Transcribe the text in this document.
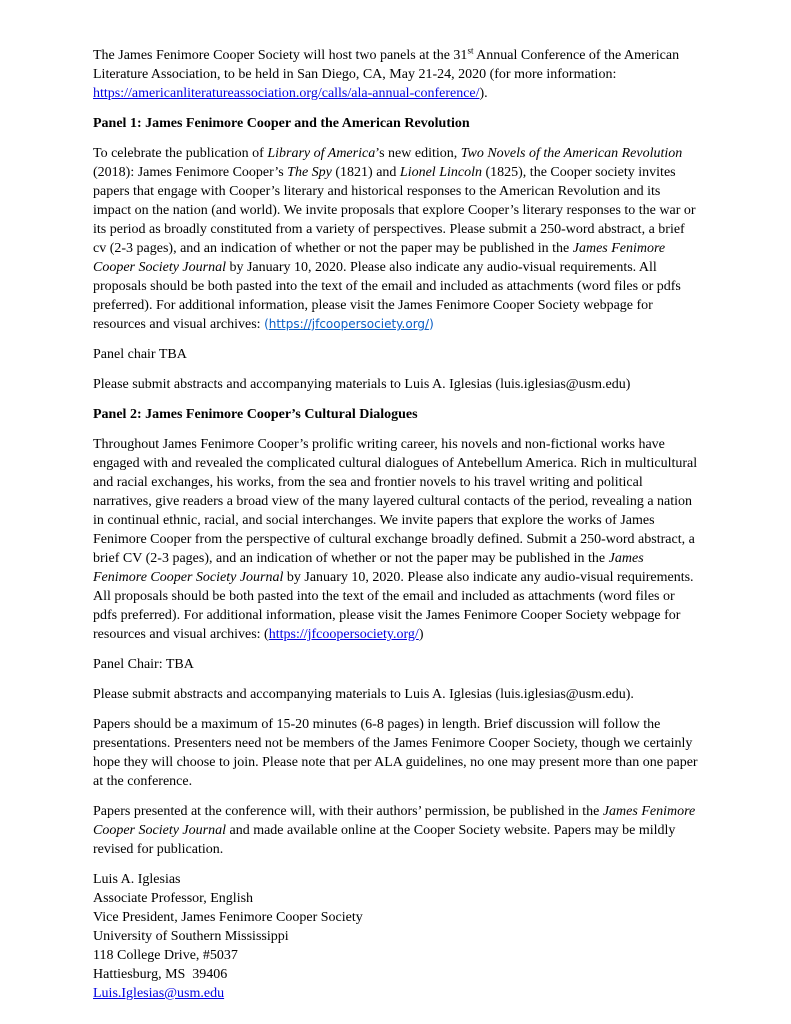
The James Fenimore Cooper Society will host two panels at the 31st Annual Conference of the American Literature Association, to be held in San Diego, CA, May 21-24, 2020 (for more information: https://americanliteratureassociation.org/calls/ala-annual-conference/).

Panel 1: James Fenimore Cooper and the American Revolution

To celebrate the publication of Library of America’s new edition, Two Novels of the American Revolution (2018): James Fenimore Cooper’s The Spy (1821) and Lionel Lincoln (1825), the Cooper society invites papers that engage with Cooper’s literary and historical responses to the American Revolution and its impact on the nation (and world). We invite proposals that explore Cooper’s literary responses to the war or its period as broadly constituted from a variety of perspectives. Please submit a 250-word abstract, a brief cv (2-3 pages), and an indication of whether or not the paper may be published in the James Fenimore Cooper Society Journal by January 10, 2020. Please also indicate any audio-visual requirements. All proposals should be both pasted into the text of the email and included as attachments (word files or pdfs preferred). For additional information, please visit the James Fenimore Cooper Society webpage for resources and visual archives: (https://jfcoopersociety.org/)

Panel chair TBA

Please submit abstracts and accompanying materials to Luis A. Iglesias (luis.iglesias@usm.edu)

Panel 2: James Fenimore Cooper’s Cultural Dialogues

Throughout James Fenimore Cooper’s prolific writing career, his novels and non-fictional works have engaged with and revealed the complicated cultural dialogues of Antebellum America. Rich in multicultural and racial exchanges, his works, from the sea and frontier novels to his travel writing and political narratives, give readers a broad view of the many layered cultural contacts of the period, revealing a nation in continual ethnic, racial, and social interchanges. We invite papers that explore the works of James Fenimore Cooper from the perspective of cultural exchange broadly defined. Submit a 250-word abstract, a brief CV (2-3 pages), and an indication of whether or not the paper may be published in the James Fenimore Cooper Society Journal by January 10, 2020. Please also indicate any audio-visual requirements. All proposals should be both pasted into the text of the email and included as attachments (word files or pdfs preferred). For additional information, please visit the James Fenimore Cooper Society webpage for resources and visual archives: (https://jfcoopersociety.org/)

Panel Chair: TBA

Please submit abstracts and accompanying materials to Luis A. Iglesias (luis.iglesias@usm.edu).

Papers should be a maximum of 15-20 minutes (6-8 pages) in length. Brief discussion will follow the presentations. Presenters need not be members of the James Fenimore Cooper Society, though we certainly hope they will choose to join. Please note that per ALA guidelines, no one may present more than one paper at the conference.

Papers presented at the conference will, with their authors’ permission, be published in the James Fenimore Cooper Society Journal and made available online at the Cooper Society website. Papers may be mildly revised for publication.

Luis A. Iglesias

Associate Professor, English

Vice President, James Fenimore Cooper Society

University of Southern Mississippi

118 College Drive, #5037

Hattiesburg, MS  39406

Luis.Iglesias@usm.edu
